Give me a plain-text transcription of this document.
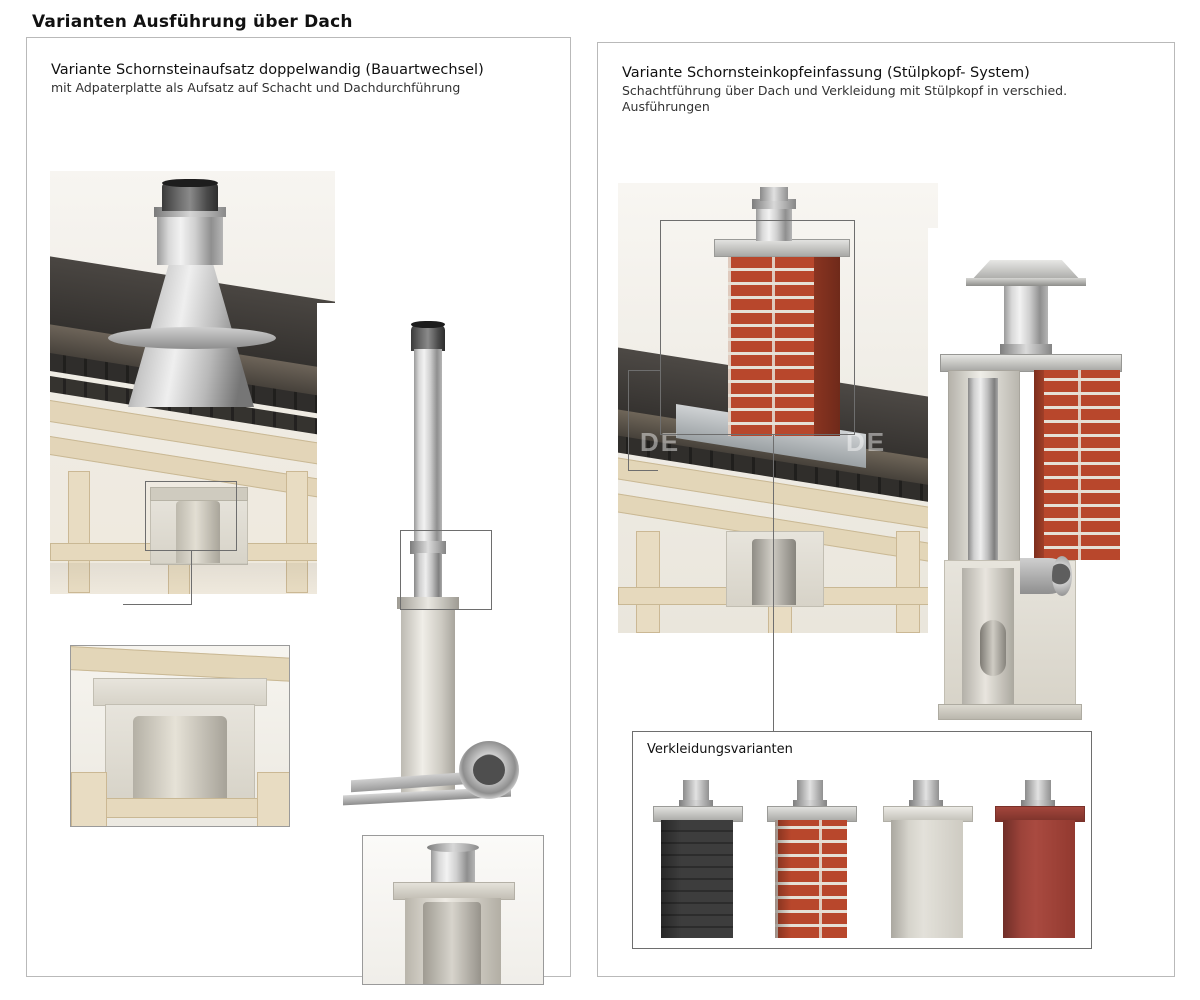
Varianten Ausführung über Dach
Variante Schornsteinaufsatz doppelwandig (Bauartwechsel)
mit Adpaterplatte als Aufsatz auf Schacht und Dachdurchführung
Variante Schornsteinkopfeinfassung (Stülpkopf- System)
Schachtführung über Dach und Verkleidung mit Stülpkopf in verschied. Ausführungen
DE	DE
Verkleidungsvarianten
